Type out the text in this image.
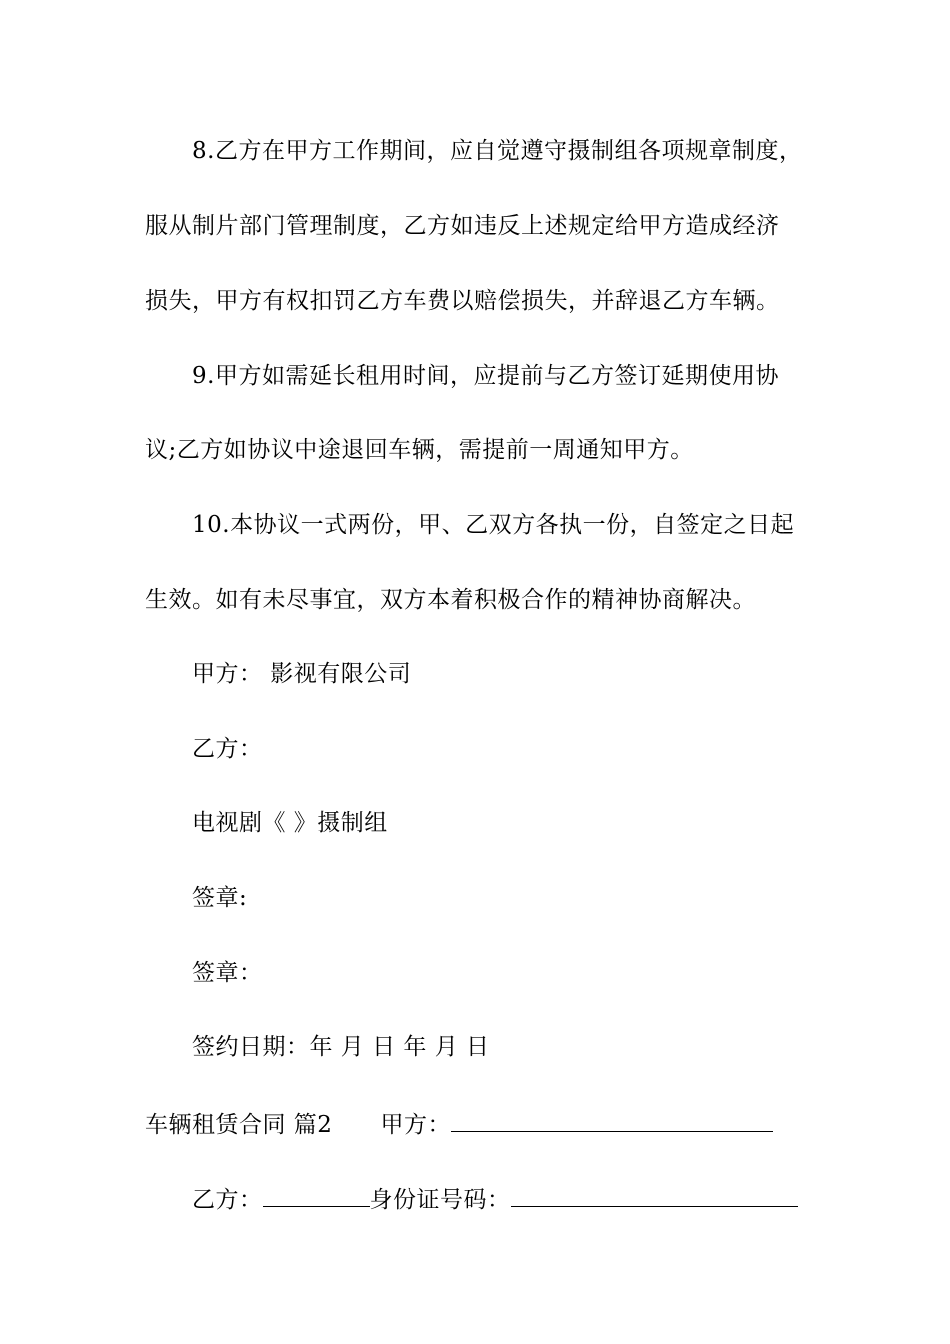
8.乙方在甲方工作期间，应自觉遵守摄制组各项规章制度，
服从制片部门管理制度，乙方如违反上述规定给甲方造成经济
损失，甲方有权扣罚乙方车费以赔偿损失，并辞退乙方车辆。
9.甲方如需延长租用时间，应提前与乙方签订延期使用协
议;乙方如协议中途退回车辆，需提前一周通知甲方。
10.本协议一式两份，甲、乙双方各执一份，自签定之日起
生效。如有未尽事宜，双方本着积极合作的精神协商解决。
甲方： 影视有限公司
乙方：
电视剧《 》摄制组
签章:
签章：
签约日期：年 月 日 年 月 日
车辆租赁合同 篇2 甲方：
乙方：	身份证号码：
